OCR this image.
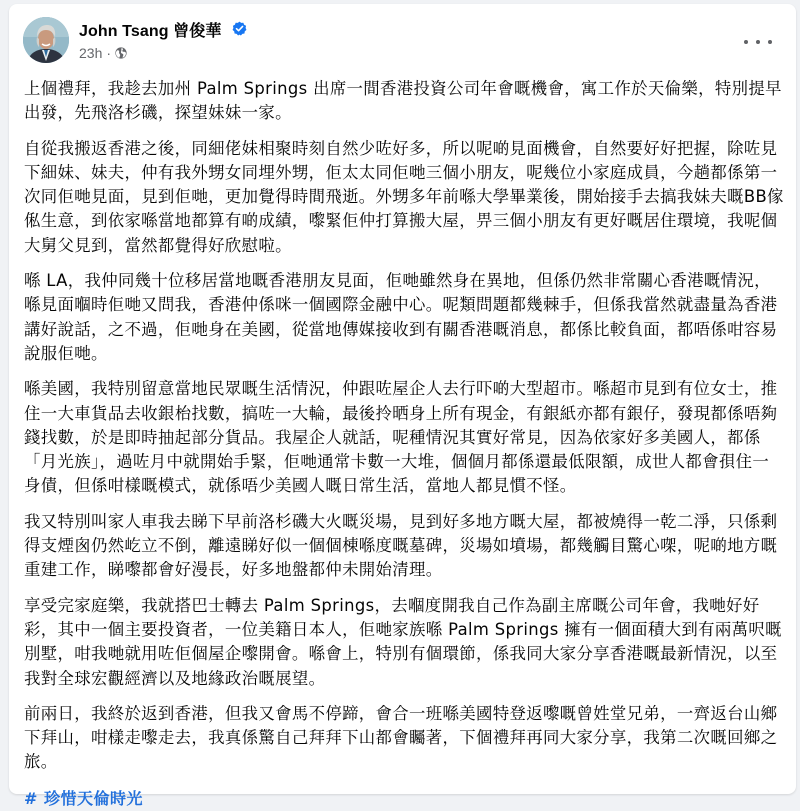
John Tsang 曾俊華
23h ·

上個禮拜，我趁去加州 Palm Springs 出席一間香港投資公司年會嘅機會，寓工作於天倫樂，特別提早出發，先飛洛杉磯，探望妹妹一家。

自從我搬返香港之後，同細佬妹相聚時刻自然少咗好多，所以呢啲見面機會，自然要好好把握，除咗見下細妹、妹夫，仲有我外甥女同埋外甥，佢太太同佢哋三個小朋友，呢幾位小家庭成員，今趟都係第一次同佢哋見面，見到佢哋，更加覺得時間飛逝。外甥多年前喺大學畢業後，開始接手去搞我妹夫嘅BB傢俬生意，到依家喺當地都算有啲成績，嚟緊佢仲打算搬大屋，畀三個小朋友有更好嘅居住環境，我呢個大舅父見到，當然都覺得好欣慰啦。

喺 LA，我仲同幾十位移居當地嘅香港朋友見面，佢哋雖然身在異地，但係仍然非常關心香港嘅情況，喺見面嗰時佢哋又問我，香港仲係咪一個國際金融中心。呢類問題都幾棘手，但係我當然就盡量為香港講好說話，之不過，佢哋身在美國，從當地傳媒接收到有關香港嘅消息，都係比較負面，都唔係咁容易說服佢哋。

喺美國，我特別留意當地民眾嘅生活情況，仲跟咗屋企人去行吓啲大型超市。喺超市見到有位女士，推住一大車貨品去收銀枱找數，搞咗一大輪，最後拎晒身上所有現金，有銀紙亦都有銀仔，發現都係唔夠錢找數，於是即時抽起部分貨品。我屋企人就話，呢種情況其實好常見，因為依家好多美國人，都係「月光族」，過咗月中就開始手緊，佢哋通常卡數一大堆，個個月都係還最低限額，成世人都會孭住一身債，但係咁樣嘅模式，就係唔少美國人嘅日常生活，當地人都見慣不怪。

我又特別叫家人車我去睇下早前洛杉磯大火嘅災場，見到好多地方嘅大屋，都被燒得一乾二淨，只係剩得支煙囪仍然屹立不倒，離遠睇好似一個個棟喺度嘅墓碑，災場如墳場，都幾觸目驚心㗎，呢啲地方嘅重建工作，睇嚟都會好漫長，好多地盤都仲未開始清理。

享受完家庭樂，我就搭巴士轉去 Palm Springs，去嗰度開我自己作為副主席嘅公司年會，我哋好好彩，其中一個主要投資者，一位美籍日本人，佢哋家族喺 Palm Springs 擁有一個面積大到有兩萬呎嘅別墅，咁我哋就用咗佢個屋企嚟開會。喺會上，特別有個環節，係我同大家分享香港嘅最新情況，以至我對全球宏觀經濟以及地緣政治嘅展望。

前兩日，我終於返到香港，但我又會馬不停蹄，會合一班喺美國特登返嚟嘅曾姓堂兄弟，一齊返台山鄉下拜山，咁樣走嚟走去，我真係驚自己拜拜下山都會矚著，下個禮拜再同大家分享，我第二次嘅回鄉之旅。

# 珍惜天倫時光
